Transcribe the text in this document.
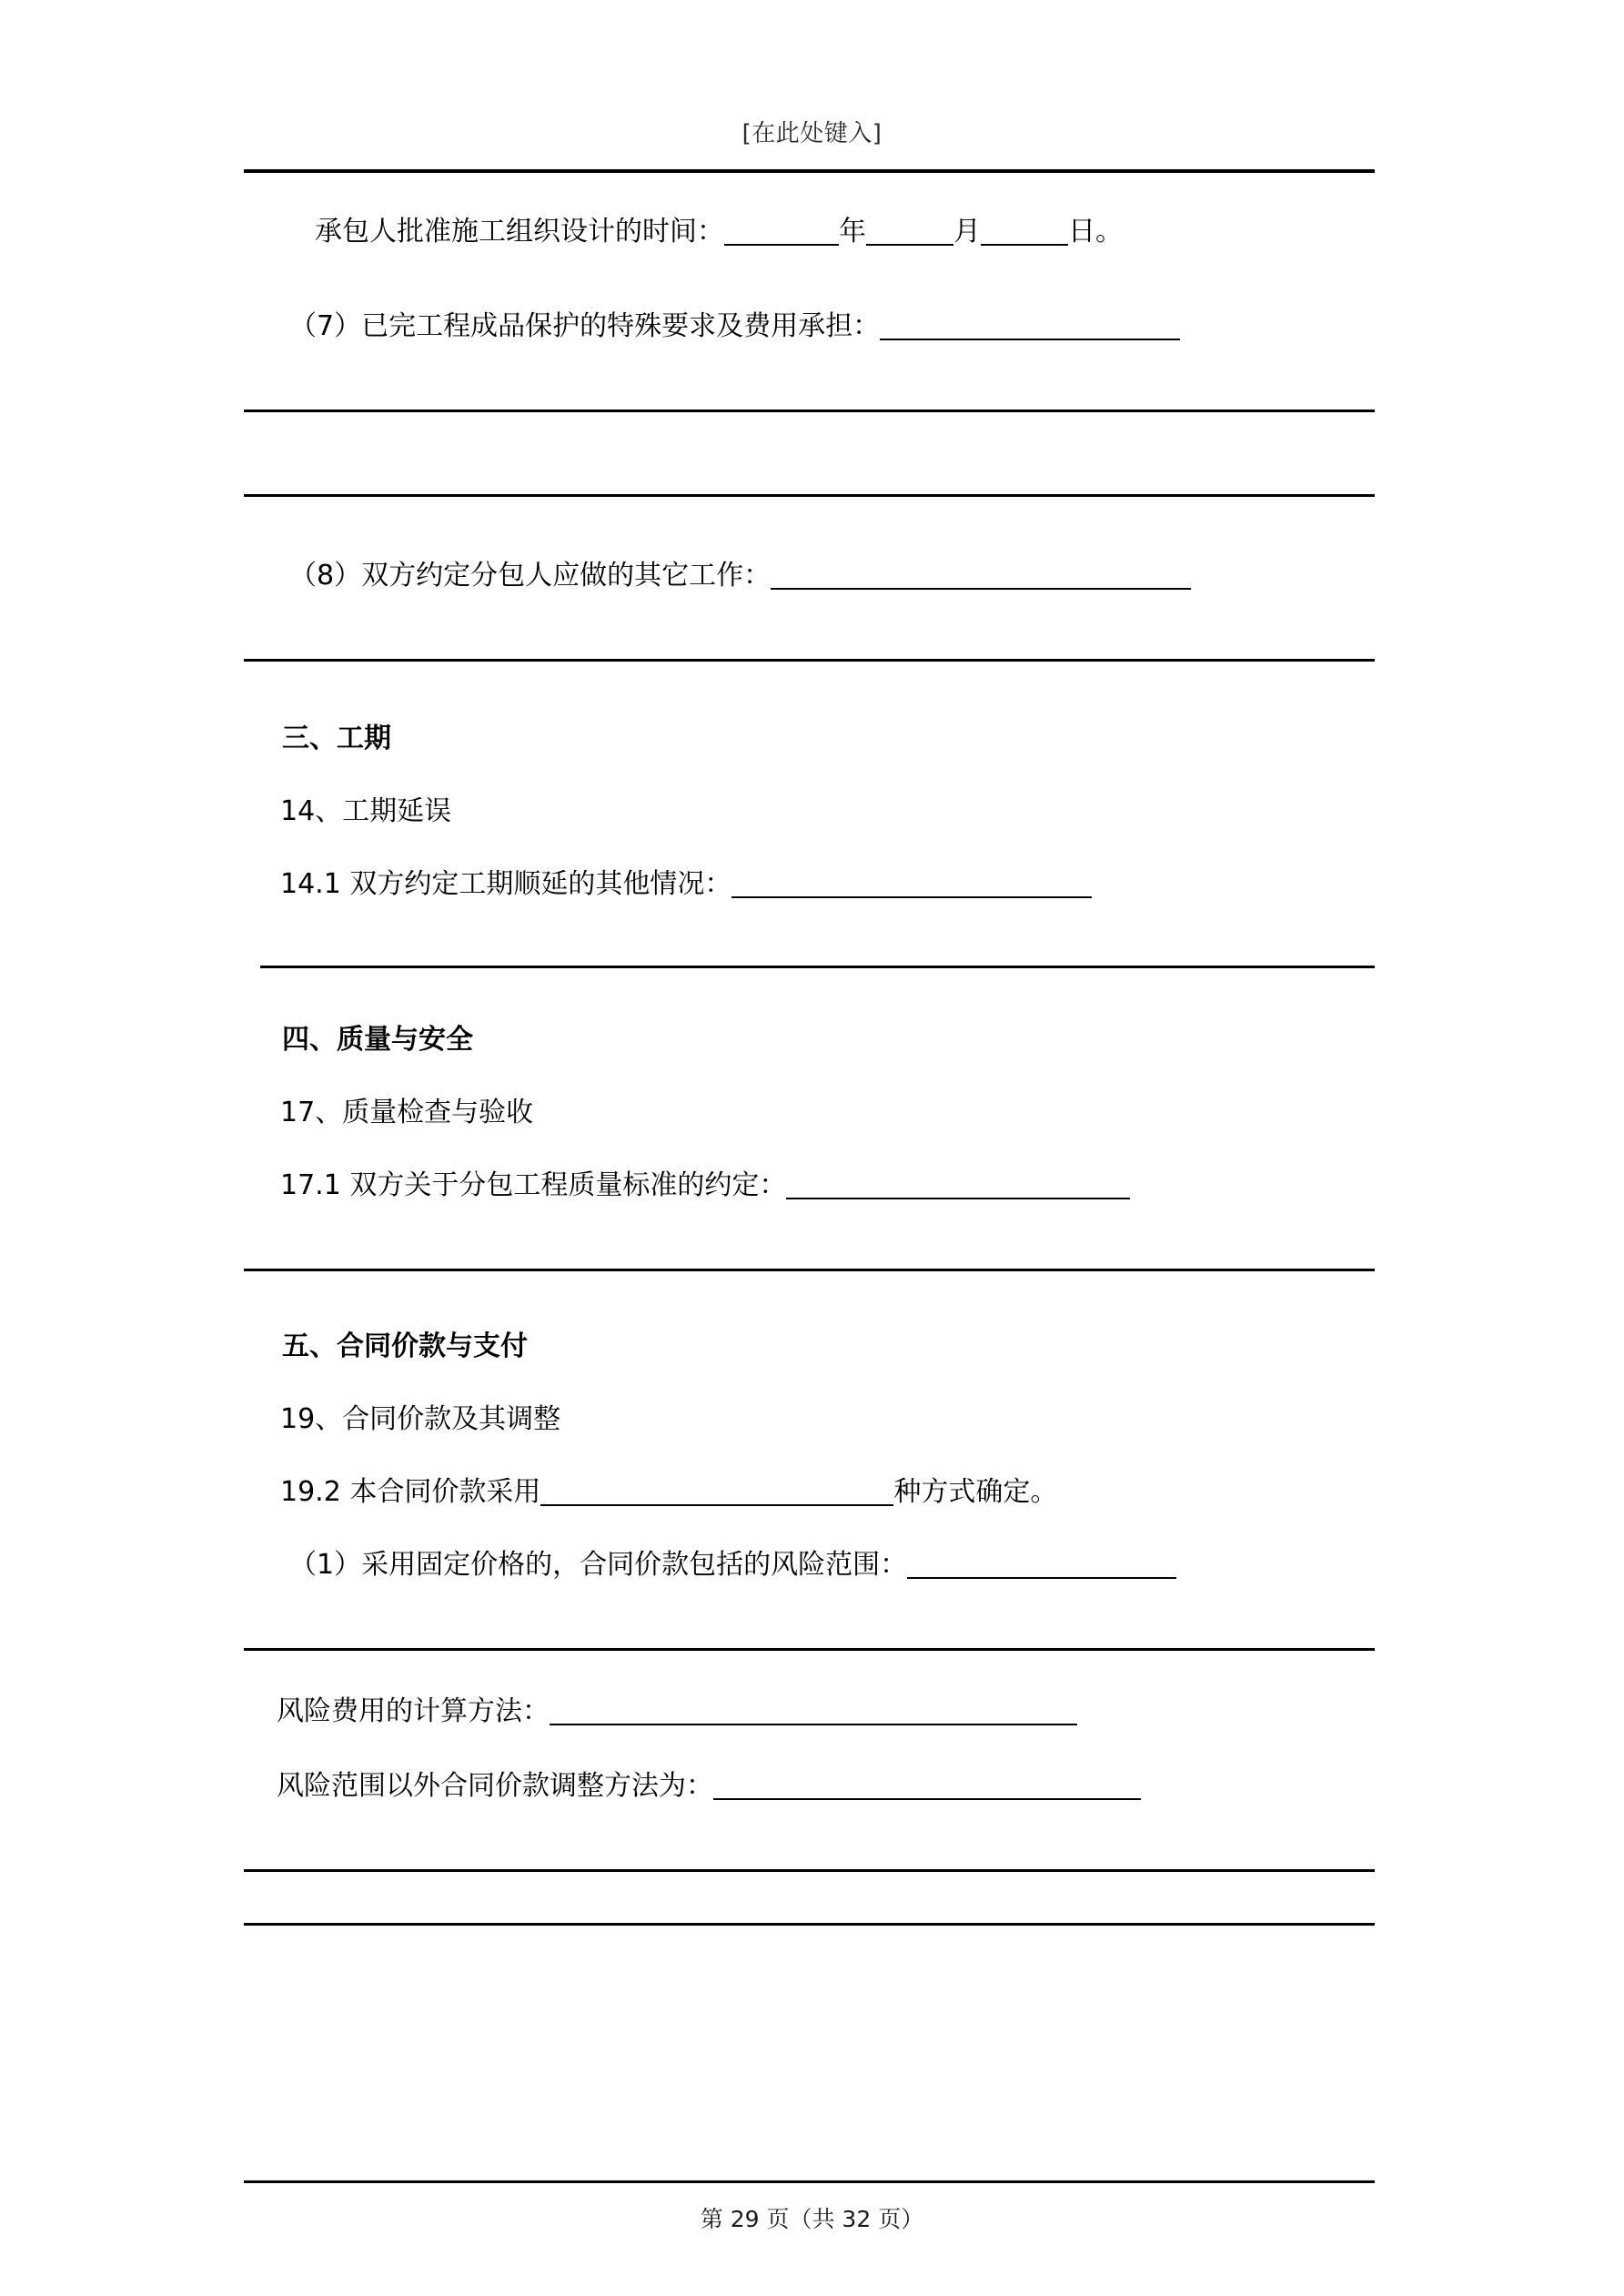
[在此处键入]
承包人批准施工组织设计的时间：	年	月	日。
（7）已完工程成品保护的特殊要求及费用承担：
（8）双方约定分包人应做的其它工作：
三、工期
14、工期延误
14.1 双方约定工期顺延的其他情况：
四、质量与安全
17、质量检查与验收
17.1 双方关于分包工程质量标准的约定：
五、合同价款与支付
19、合同价款及其调整
19.2 本合同价款采用	种方式确定。
（1）采用固定价格的，合同价款包括的风险范围：
风险费用的计算方法：
风险范围以外合同价款调整方法为：
第 29 页（共 32 页）
